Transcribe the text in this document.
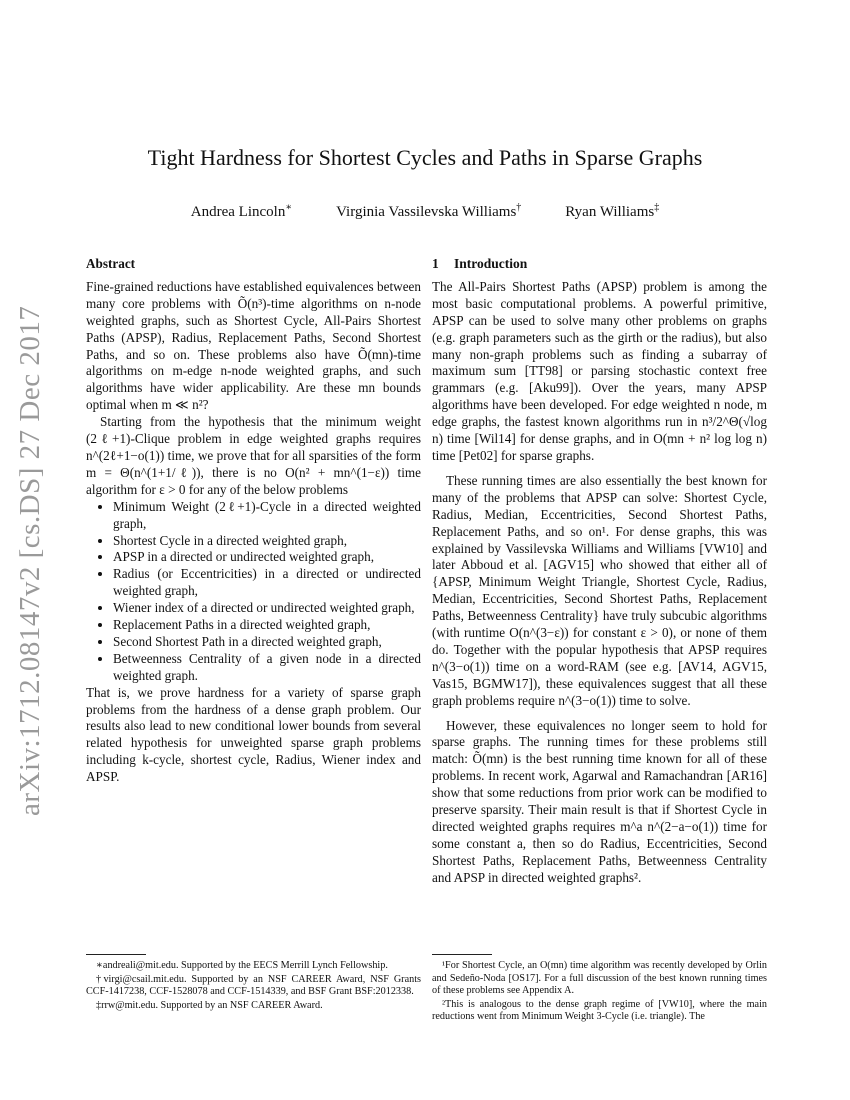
arXiv:1712.08147v2 [cs.DS] 27 Dec 2017
Tight Hardness for Shortest Cycles and Paths in Sparse Graphs
Andrea Lincoln∗	Virginia Vassilevska Williams†	Ryan Williams‡

Abstract

Fine-grained reductions have established equivalences between many core problems with Õ(n³)-time algorithms on n-node weighted graphs, such as Shortest Cycle, All-Pairs Shortest Paths (APSP), Radius, Replacement Paths, Second Shortest Paths, and so on. These problems also have Õ(mn)-time algorithms on m-edge n-node weighted graphs, and such algorithms have wider applicability. Are these mn bounds optimal when m ≪ n²?

Starting from the hypothesis that the minimum weight (2ℓ+1)-Clique problem in edge weighted graphs requires n^(2ℓ+1−o(1)) time, we prove that for all sparsities of the form m = Θ(n^(1+1/ℓ)), there is no O(n² + mn^(1−ε)) time algorithm for ε > 0 for any of the below problems

• Minimum Weight (2ℓ+1)-Cycle in a directed weighted graph,
• Shortest Cycle in a directed weighted graph,
• APSP in a directed or undirected weighted graph,
• Radius (or Eccentricities) in a directed or undirected weighted graph,
• Wiener index of a directed or undirected weighted graph,
• Replacement Paths in a directed weighted graph,
• Second Shortest Path in a directed weighted graph,
• Betweenness Centrality of a given node in a directed weighted graph.

That is, we prove hardness for a variety of sparse graph problems from the hardness of a dense graph problem. Our results also lead to new conditional lower bounds from several related hypothesis for unweighted sparse graph problems including k-cycle, shortest cycle, Radius, Wiener index and APSP.

1 Introduction

The All-Pairs Shortest Paths (APSP) problem is among the most basic computational problems. A powerful primitive, APSP can be used to solve many other problems on graphs (e.g. graph parameters such as the girth or the radius), but also many non-graph problems such as finding a subarray of maximum sum [TT98] or parsing stochastic context free grammars (e.g. [Aku99]). Over the years, many APSP algorithms have been developed. For edge weighted n node, m edge graphs, the fastest known algorithms run in n³/2^Θ(√log n) time [Wil14] for dense graphs, and in O(mn + n² log log n) time [Pet02] for sparse graphs.

These running times are also essentially the best known for many of the problems that APSP can solve: Shortest Cycle, Radius, Median, Eccentricities, Second Shortest Paths, Replacement Paths, and so on¹. For dense graphs, this was explained by Vassilevska Williams and Williams [VW10] and later Abboud et al. [AGV15] who showed that either all of {APSP, Minimum Weight Triangle, Shortest Cycle, Radius, Median, Eccentricities, Second Shortest Paths, Replacement Paths, Betweenness Centrality} have truly subcubic algorithms (with runtime O(n^(3−ε)) for constant ε > 0), or none of them do. Together with the popular hypothesis that APSP requires n^(3−o(1)) time on a word-RAM (see e.g. [AV14, AGV15, Vas15, BGMW17]), these equivalences suggest that all these graph problems require n^(3−o(1)) time to solve.

However, these equivalences no longer seem to hold for sparse graphs. The running times for these problems still match: Õ(mn) is the best running time known for all of these problems. In recent work, Agarwal and Ramachandran [AR16] show that some reductions from prior work can be modified to preserve sparsity. Their main result is that if Shortest Cycle in directed weighted graphs requires m^a n^(2−a−o(1)) time for some constant a, then so do Radius, Eccentricities, Second Shortest Paths, Replacement Paths, Betweenness Centrality and APSP in directed weighted graphs².

∗andreali@mit.edu. Supported by the EECS Merrill Lynch Fellowship.

†virgi@csail.mit.edu. Supported by an NSF CAREER Award, NSF Grants CCF-1417238, CCF-1528078 and CCF-1514339, and BSF Grant BSF:2012338.

‡rrw@mit.edu. Supported by an NSF CAREER Award.

¹For Shortest Cycle, an O(mn) time algorithm was recently developed by Orlin and Sedeño-Noda [OS17]. For a full discussion of the best known running times of these problems see Appendix A.

²This is analogous to the dense graph regime of [VW10], where the main reductions went from Minimum Weight 3-Cycle (i.e. triangle). The
